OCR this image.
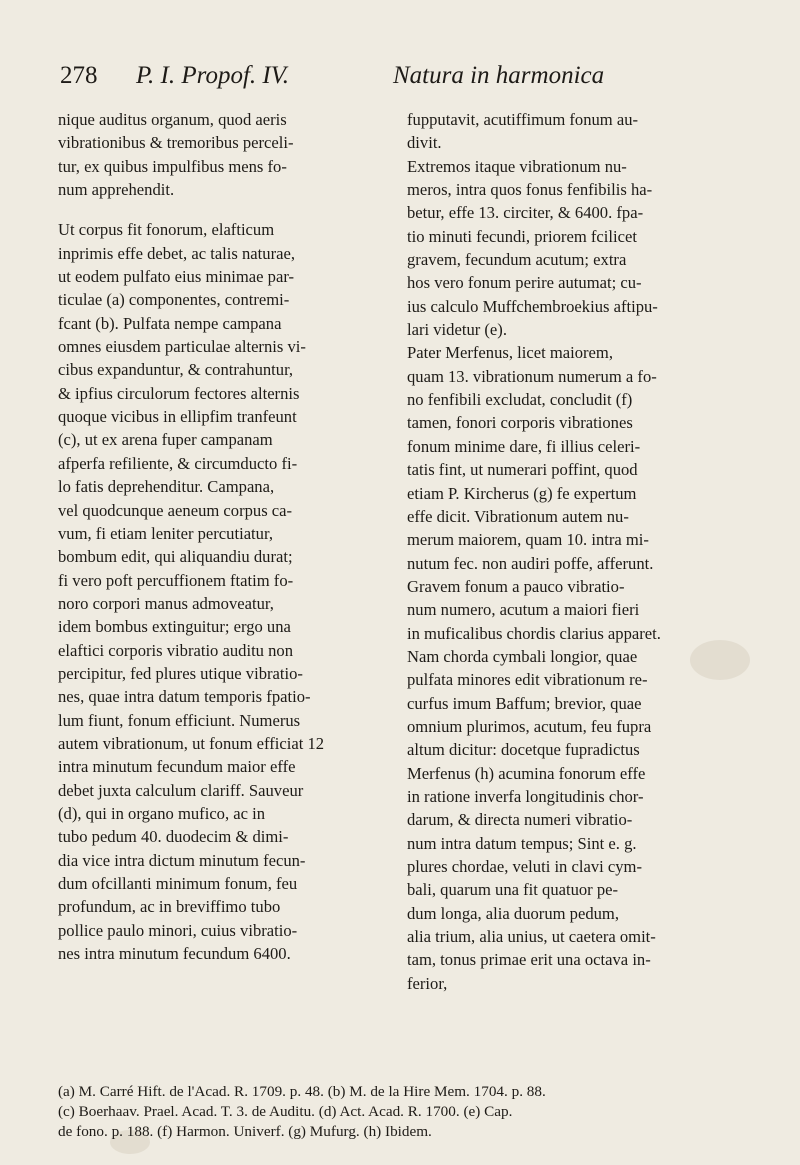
278 P. I. Propof. IV.	Natura in harmonica
nique auditus organum, quod aeris
vibrationibus & tremoribus perceli-
tur, ex quibus impulfibus mens fo-
num apprehendit.
Ut corpus fit fonorum, elafticum
inprimis effe debet, ac talis naturae,
ut eodem pulfato eius minimae par-
ticulae (a) componentes, contremi-
fcant (b). Pulfata nempe campana
omnes eiusdem particulae alternis vi-
cibus expanduntur, & contrahuntur,
& ipfius circulorum fectores alternis
quoque vicibus in ellipfim tranfeunt
(c), ut ex arena fuper campanam
afperfa refiliente, & circumducto fi-
lo fatis deprehenditur. Campana,
vel quodcunque aeneum corpus ca-
vum, fi etiam leniter percutiatur,
bombum edit, qui aliquandiu durat;
fi vero poft percuffionem ftatim fo-
noro corpori manus admoveatur,
idem bombus extinguitur; ergo una
elaftici corporis vibratio auditu non
percipitur, fed plures utique vibratio-
nes, quae intra datum temporis fpatio-
lum fiunt, fonum efficiunt. Numerus
autem vibrationum, ut fonum efficiat 12
intra minutum fecundum maior effe
debet juxta calculum clariff. Sauveur
(d), qui in organo mufico, ac in
tubo pedum 40. duodecim & dimi-
dia vice intra dictum minutum fecun-
dum ofcillanti minimum fonum, feu
profundum, ac in breviffimo tubo
pollice paulo minori, cuius vibratio-
nes intra minutum fecundum 6400.
fupputavit, acutiffimum fonum au-
divit.
Extremos itaque vibrationum nu-
meros, intra quos fonus fenfibilis ha-
betur, effe 13. circiter, & 6400. fpa-
tio minuti fecundi, priorem fcilicet
gravem, fecundum acutum; extra
hos vero fonum perire autumat; cu-
ius calculo Muffchembroekius aftipu-
lari videtur (e).
Pater Merfenus, licet maiorem,
quam 13. vibrationum numerum a fo-
no fenfibili excludat, concludit (f)
tamen, fonori corporis vibrationes
fonum minime dare, fi illius celeri-
tatis fint, ut numerari poffint, quod
etiam P. Kircherus (g) fe expertum
effe dicit. Vibrationum autem nu-
merum maiorem, quam 10. intra mi-
nutum fec. non audiri poffe, afferunt.
Gravem fonum a pauco vibratio-
num numero, acutum a maiori fieri
in muficalibus chordis clarius apparet.
Nam chorda cymbali longior, quae
pulfata minores edit vibrationum re-
curfus imum Baffum; brevior, quae
omnium plurimos, acutum, feu fupra
altum dicitur: docetque fupradictus
Merfenus (h) acumina fonorum effe
in ratione inverfa longitudinis chor-
darum, & directa numeri vibratio-
num intra datum tempus; Sint e. g.
plures chordae, veluti in clavi cym-
bali, quarum una fit quatuor pe-
dum longa, alia duorum pedum,
alia trium, alia unius, ut caetera omit-
tam, tonus primae erit una octava in-
ferior,
(a) M. Carré Hift. de l'Acad. R. 1709. p. 48. (b) M. de la Hire Mem. 1704. p. 88.
(c) Boerhaav. Prael. Acad. T. 3. de Auditu. (d) Act. Acad. R. 1700. (e) Cap.
de fono. p. 188. (f) Harmon. Univerf. (g) Mufurg. (h) Ibidem.
